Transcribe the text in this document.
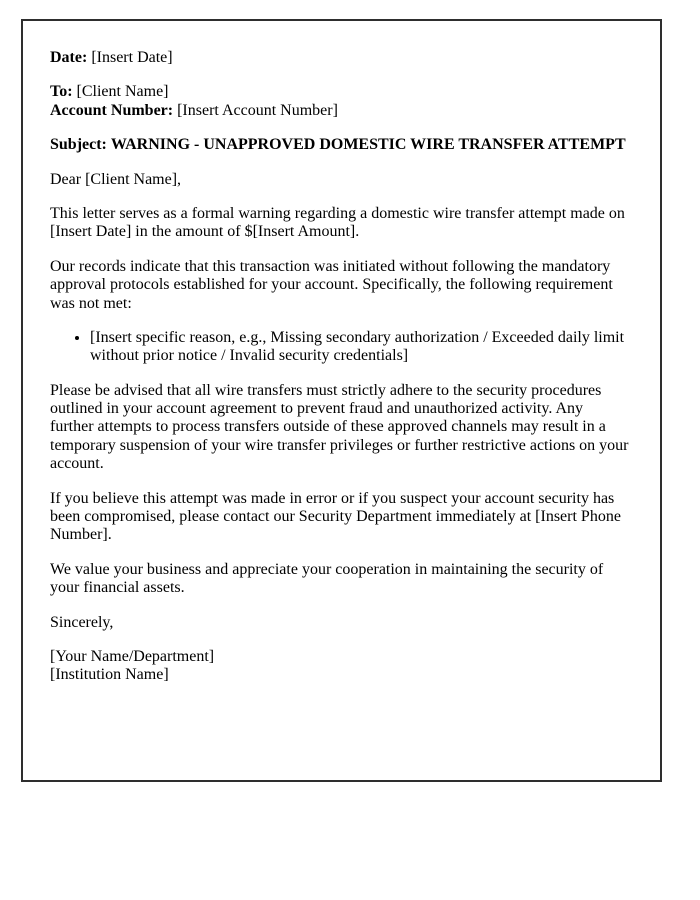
Date: [Insert Date]

To: [Client Name]
Account Number: [Insert Account Number]

Subject: WARNING - UNAPPROVED DOMESTIC WIRE TRANSFER ATTEMPT

Dear [Client Name],

This letter serves as a formal warning regarding a domestic wire transfer attempt made on [Insert Date] in the amount of $[Insert Amount].

Our records indicate that this transaction was initiated without following the mandatory approval protocols established for your account. Specifically, the following requirement was not met:

• [Insert specific reason, e.g., Missing secondary authorization / Exceeded daily limit without prior notice / Invalid security credentials]

Please be advised that all wire transfers must strictly adhere to the security procedures outlined in your account agreement to prevent fraud and unauthorized activity. Any further attempts to process transfers outside of these approved channels may result in a temporary suspension of your wire transfer privileges or further restrictive actions on your account.

If you believe this attempt was made in error or if you suspect your account security has been compromised, please contact our Security Department immediately at [Insert Phone Number].

We value your business and appreciate your cooperation in maintaining the security of your financial assets.

Sincerely,

[Your Name/Department]
[Institution Name]
